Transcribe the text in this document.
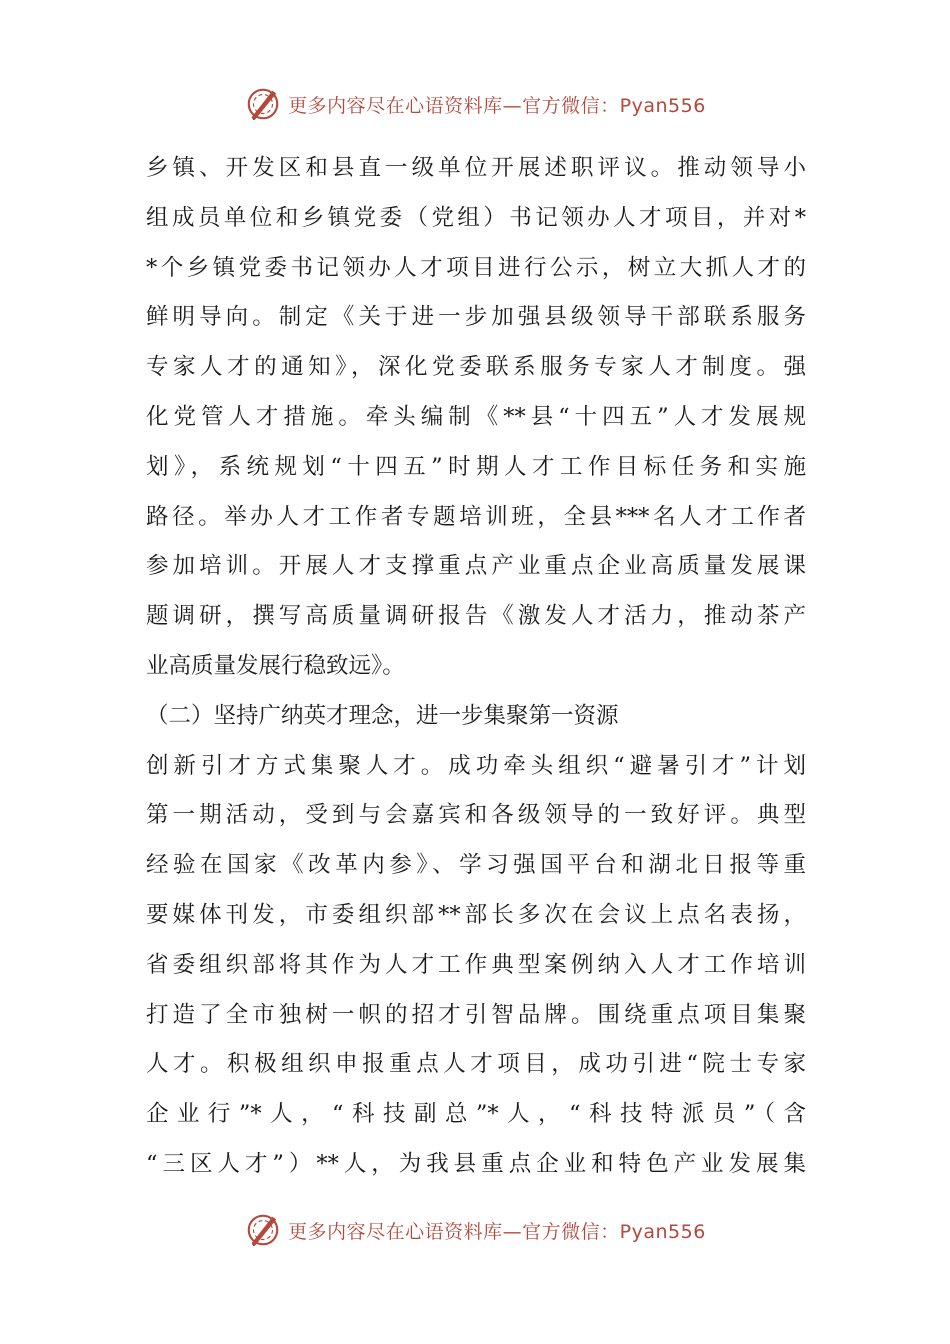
更多内容尽在心语资料库—官方微信：Pyan556
乡镇、开发区和县直一级单位开展述职评议。推动领导小
组成员单位和乡镇党委（党组）书记领办人才项目，并对*
*个乡镇党委书记领办人才项目进行公示，树立大抓人才的
鲜明导向。制定《关于进一步加强县级领导干部联系服务
专家人才的通知》，深化党委联系服务专家人才制度。强
化党管人才措施。牵头编制《**县“十四五”人才发展规
划》，系统规划“十四五”时期人才工作目标任务和实施
路径。举办人才工作者专题培训班，全县***名人才工作者
参加培训。开展人才支撑重点产业重点企业高质量发展课
题调研，撰写高质量调研报告《激发人才活力，推动茶产
业高质量发展行稳致远》。
（二）坚持广纳英才理念，进一步集聚第一资源
创新引才方式集聚人才。成功牵头组织“避暑引才”计划
第一期活动，受到与会嘉宾和各级领导的一致好评。典型
经验在国家《改革内参》、学习强国平台和湖北日报等重
要媒体刊发，市委组织部**部长多次在会议上点名表扬，
省委组织部将其作为人才工作典型案例纳入人才工作培训
打造了全市独树一帜的招才引智品牌。围绕重点项目集聚
人才。积极组织申报重点人才项目，成功引进“院士专家
企业行”*人，“科技副总”*人，“科技特派员”（含
“三区人才”）**人，为我县重点企业和特色产业发展集
更多内容尽在心语资料库—官方微信：Pyan556
